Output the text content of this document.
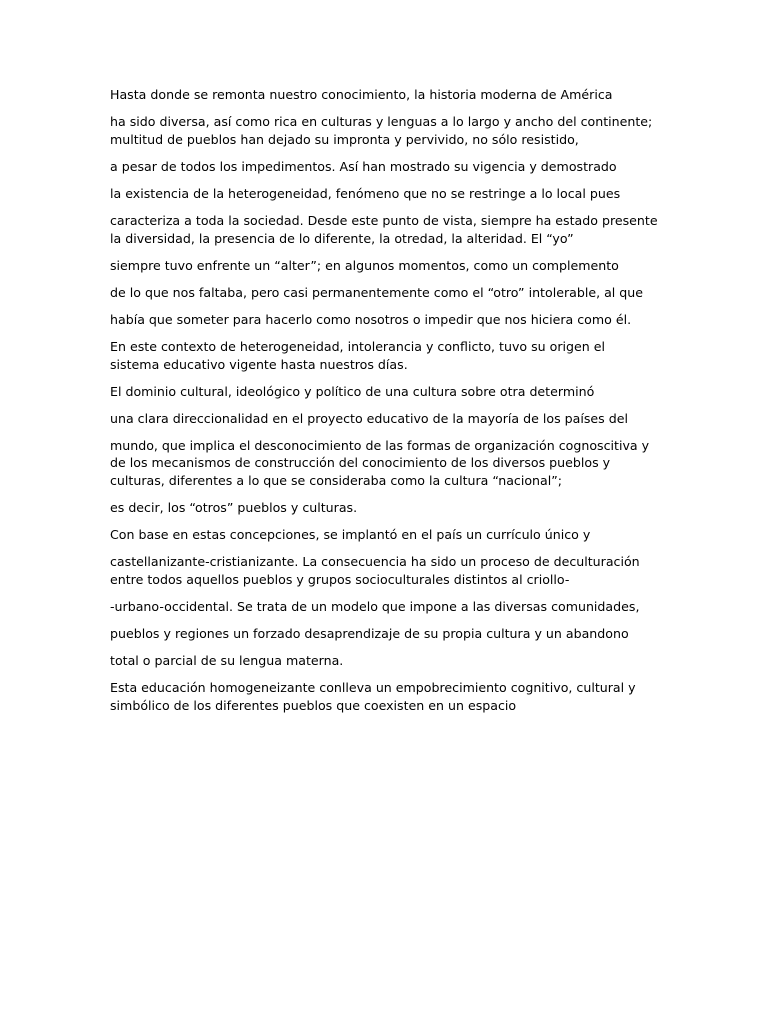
Hasta donde se remonta nuestro conocimiento, la historia moderna de América

ha sido diversa, así como rica en culturas y lenguas a lo largo y ancho del continente; multitud de pueblos han dejado su impronta y pervivido, no sólo resistido,

a pesar de todos los impedimentos. Así han mostrado su vigencia y demostrado

la existencia de la heterogeneidad, fenómeno que no se restringe a lo local pues

caracteriza a toda la sociedad. Desde este punto de vista, siempre ha estado presente la diversidad, la presencia de lo diferente, la otredad, la alteridad. El “yo”

siempre tuvo enfrente un “alter”; en algunos momentos, como un complemento

de lo que nos faltaba, pero casi permanentemente como el “otro” intolerable, al que

había que someter para hacerlo como nosotros o impedir que nos hiciera como él.

En este contexto de heterogeneidad, intolerancia y conflicto, tuvo su origen el sistema educativo vigente hasta nuestros días.

El dominio cultural, ideológico y político de una cultura sobre otra determinó

una clara direccionalidad en el proyecto educativo de la mayoría de los países del

mundo, que implica el desconocimiento de las formas de organización cognoscitiva y de los mecanismos de construcción del conocimiento de los diversos pueblos y culturas, diferentes a lo que se consideraba como la cultura “nacional”;

es decir, los “otros” pueblos y culturas.

Con base en estas concepciones, se implantó en el país un currículo único y

castellanizante-cristianizante. La consecuencia ha sido un proceso de deculturación entre todos aquellos pueblos y grupos socioculturales distintos al criollo-

-urbano-occidental. Se trata de un modelo que impone a las diversas comunidades,

pueblos y regiones un forzado desaprendizaje de su propia cultura y un abandono

total o parcial de su lengua materna.

Esta educación homogeneizante conlleva un empobrecimiento cognitivo, cultural y simbólico de los diferentes pueblos que coexisten en un espacio
